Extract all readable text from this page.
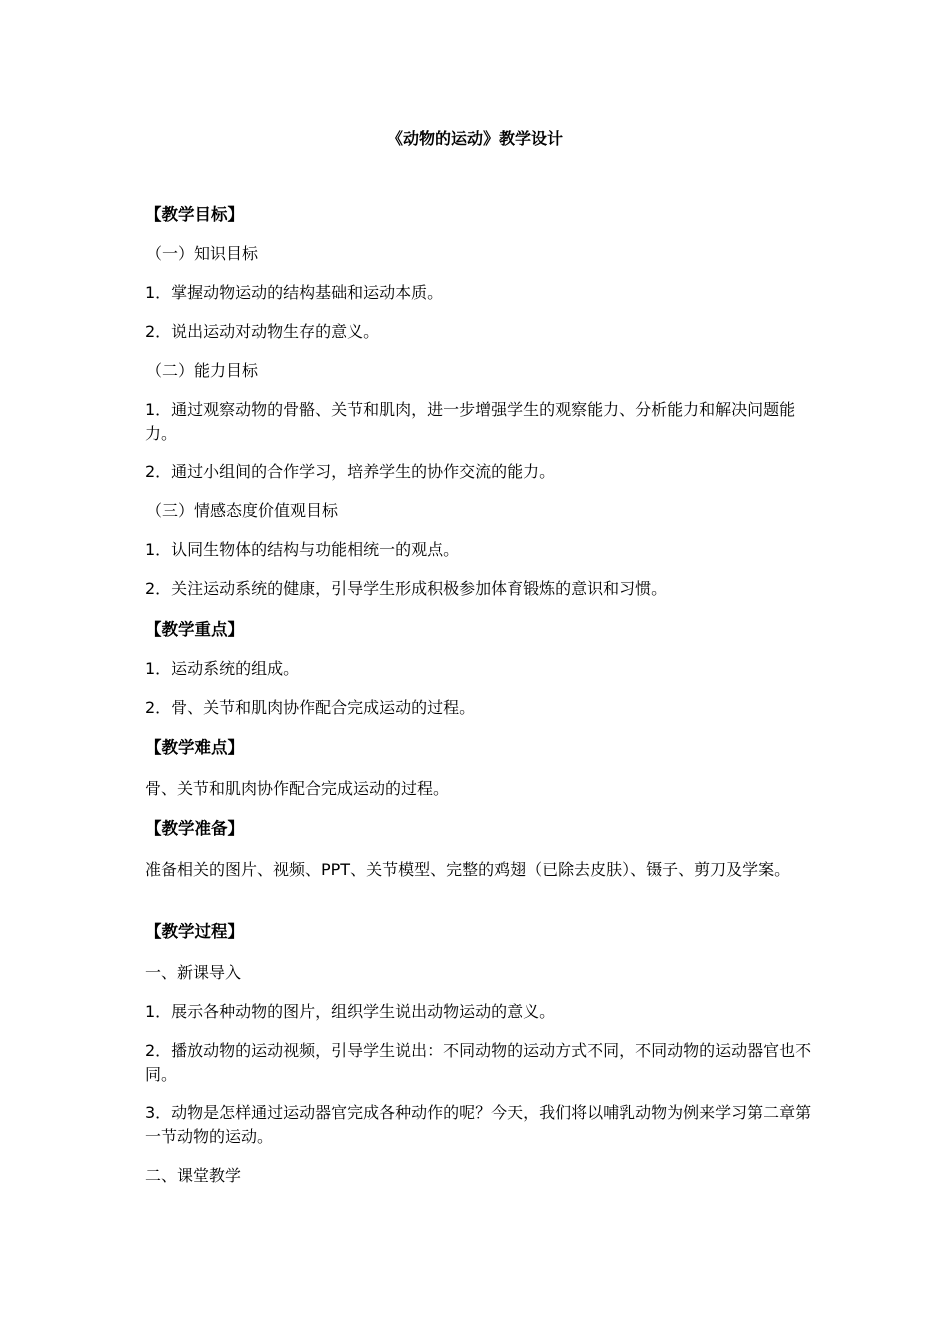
《动物的运动》教学设计
【教学目标】
（一）知识目标
1．掌握动物运动的结构基础和运动本质。
2．说出运动对动物生存的意义。
（二）能力目标
1．通过观察动物的骨骼、关节和肌肉，进一步增强学生的观察能力、分析能力和解决问题能力。
2．通过小组间的合作学习，培养学生的协作交流的能力。
（三）情感态度价值观目标
1．认同生物体的结构与功能相统一的观点。
2．关注运动系统的健康，引导学生形成积极参加体育锻炼的意识和习惯。
【教学重点】
1．运动系统的组成。
2．骨、关节和肌肉协作配合完成运动的过程。
【教学难点】
骨、关节和肌肉协作配合完成运动的过程。
【教学准备】
准备相关的图片、视频、PPT、关节模型、完整的鸡翅（已除去皮肤）、镊子、剪刀及学案。
【教学过程】
一、新课导入
1．展示各种动物的图片，组织学生说出动物运动的意义。
2．播放动物的运动视频，引导学生说出：不同动物的运动方式不同，不同动物的运动器官也不同。
3．动物是怎样通过运动器官完成各种动作的呢？今天，我们将以哺乳动物为例来学习第二章第一节动物的运动。
二、课堂教学
